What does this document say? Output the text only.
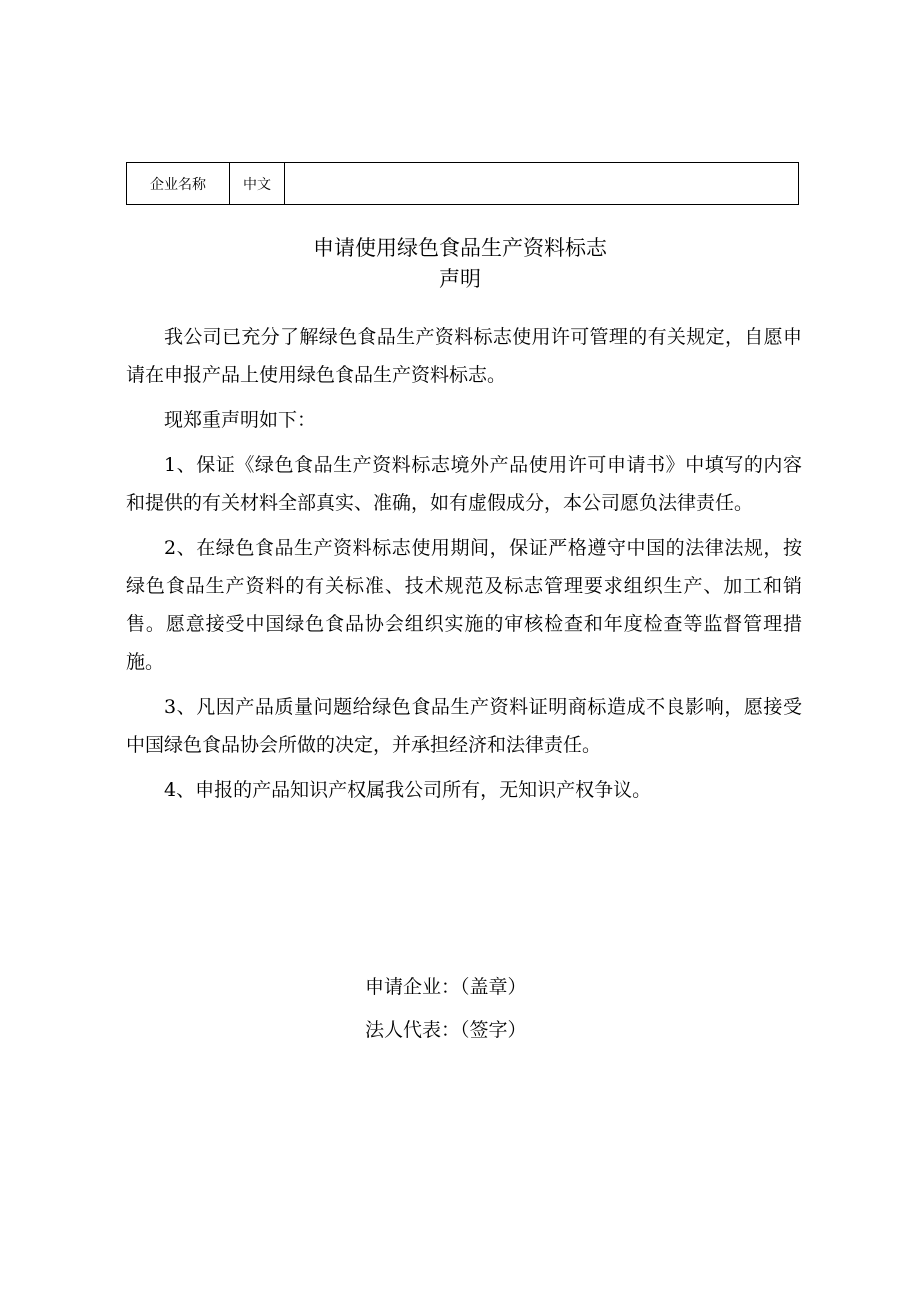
企业名称	中文	
申请使用绿色食品生产资料标志
声明

我公司已充分了解绿色食品生产资料标志使用许可管理的有关规定，自愿申请在申报产品上使用绿色食品生产资料标志。

现郑重声明如下：

1、保证《绿色食品生产资料标志境外产品使用许可申请书》中填写的内容和提供的有关材料全部真实、准确，如有虚假成分，本公司愿负法律责任。

2、在绿色食品生产资料标志使用期间，保证严格遵守中国的法律法规，按绿色食品生产资料的有关标准、技术规范及标志管理要求组织生产、加工和销售。愿意接受中国绿色食品协会组织实施的审核检查和年度检查等监督管理措施。

3、凡因产品质量问题给绿色食品生产资料证明商标造成不良影响，愿接受中国绿色食品协会所做的决定，并承担经济和法律责任。

4、申报的产品知识产权属我公司所有，无知识产权争议。

申请企业：（盖章）
法人代表：（签字）
